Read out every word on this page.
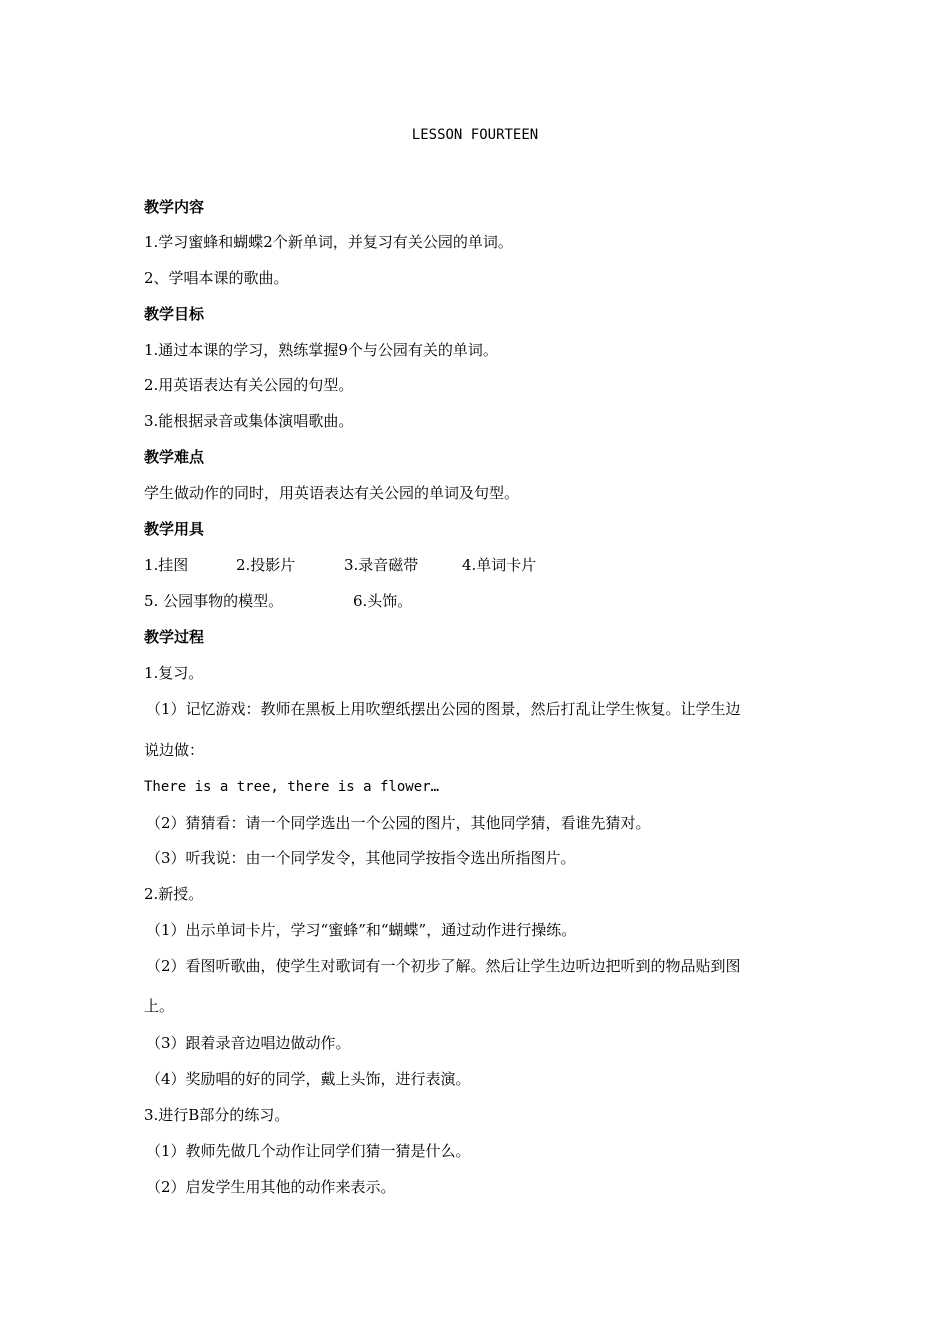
LESSON FOURTEEN
教学内容
1.学习蜜蜂和蝴蝶2个新单词，并复习有关公园的单词。
2、学唱本课的歌曲。
教学目标
1.通过本课的学习，熟练掌握9个与公园有关的单词。
2.用英语表达有关公园的句型。
3.能根据录音或集体演唱歌曲。
教学难点
学生做动作的同时，用英语表达有关公园的单词及句型。
教学用具
1.挂图	2.投影片	3.录音磁带	4.单词卡片
5. 公园事物的模型。	6.头饰。
教学过程
1.复习。
（1）记忆游戏：教师在黑板上用吹塑纸摆出公园的图景，然后打乱让学生恢复。让学生边
说边做：
There is a tree, there is a flower…
（2）猜猜看：请一个同学选出一个公园的图片，其他同学猜，看谁先猜对。
（3）听我说：由一个同学发令，其他同学按指令选出所指图片。
2.新授。
（1）出示单词卡片，学习“蜜蜂”和“蝴蝶”，通过动作进行操练。
（2）看图听歌曲，使学生对歌词有一个初步了解。然后让学生边听边把听到的物品贴到图
上。
（3）跟着录音边唱边做动作。
（4）奖励唱的好的同学，戴上头饰，进行表演。
3.进行B部分的练习。
（1）教师先做几个动作让同学们猜一猜是什么。
（2）启发学生用其他的动作来表示。
